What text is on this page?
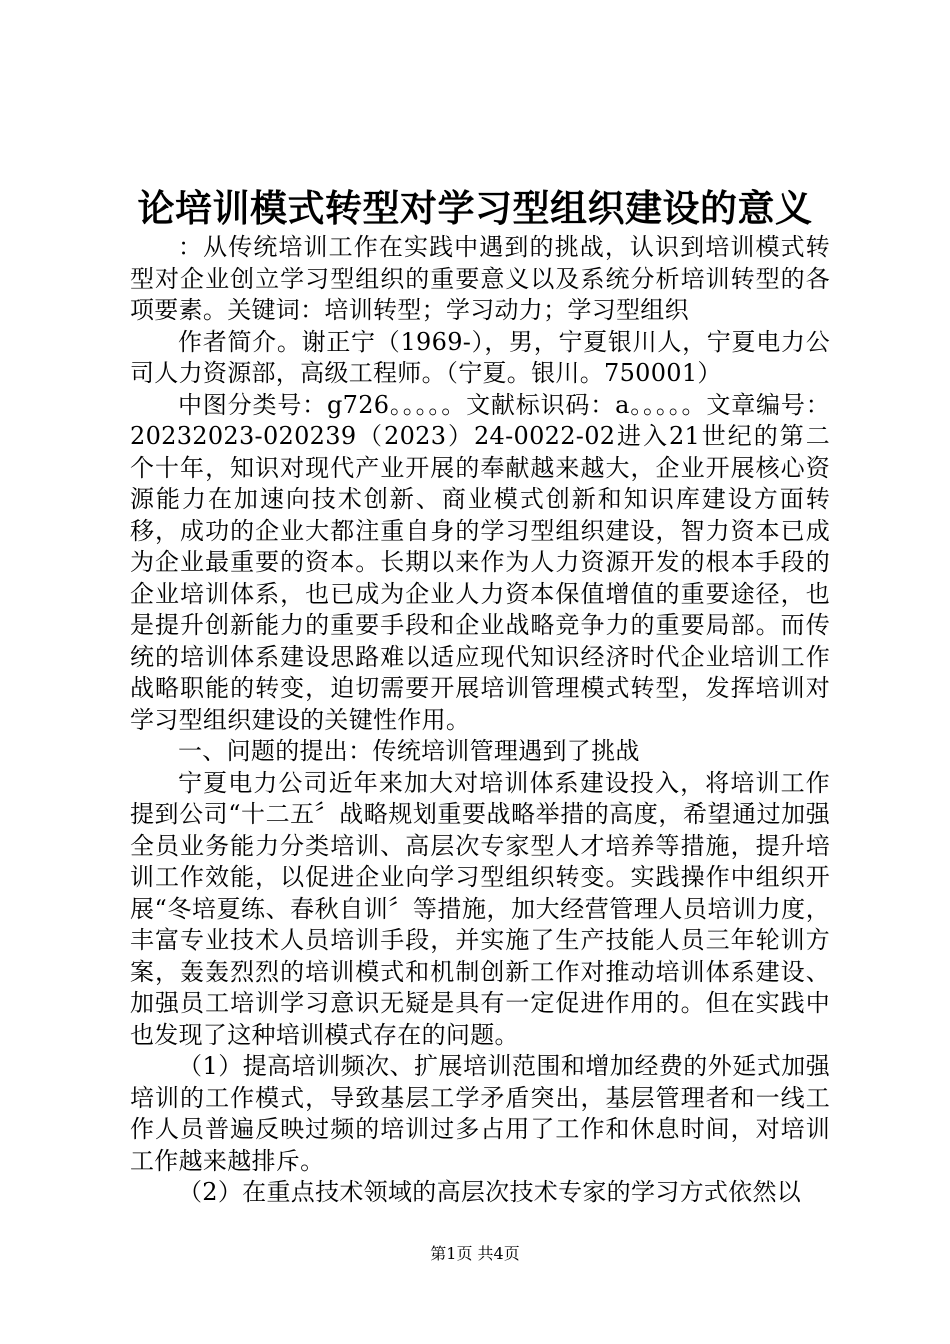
论培训模式转型对学习型组织建设的意义

：从传统培训工作在实践中遇到的挑战，认识到培训模式转型对企业创立学习型组织的重要意义以及系统分析培训转型的各项要素。关键词：培训转型；学习动力；学习型组织

作者简介。谢正宁（1969-），男，宁夏银川人，宁夏电力公司人力资源部，高级工程师。（宁夏。银川。750001）

中图分类号：g726。。。。。文献标识码：a。。。。。文章编号：20232023-020239（2023）24-0022-02进入21世纪的第二个十年，知识对现代产业开展的奉献越来越大，企业开展核心资源能力在加速向技术创新、商业模式创新和知识库建设方面转移，成功的企业大都注重自身的学习型组织建设，智力资本已成为企业最重要的资本。长期以来作为人力资源开发的根本手段的企业培训体系，也已成为企业人力资本保值增值的重要途径，也是提升创新能力的重要手段和企业战略竞争力的重要局部。而传统的培训体系建设思路难以适应现代知识经济时代企业培训工作战略职能的转变，迫切需要开展培训管理模式转型，发挥培训对学习型组织建设的关键性作用。

一、问题的提出：传统培训管理遇到了挑战

宁夏电力公司近年来加大对培训体系建设投入，将培训工作提到公司“十二五〞战略规划重要战略举措的高度，希望通过加强全员业务能力分类培训、高层次专家型人才培养等措施，提升培训工作效能，以促进企业向学习型组织转变。实践操作中组织开展“冬培夏练、春秋自训〞等措施，加大经营管理人员培训力度，丰富专业技术人员培训手段，并实施了生产技能人员三年轮训方案，轰轰烈烈的培训模式和机制创新工作对推动培训体系建设、加强员工培训学习意识无疑是具有一定促进作用的。但在实践中也发现了这种培训模式存在的问题。

（1）提高培训频次、扩展培训范围和增加经费的外延式加强培训的工作模式，导致基层工学矛盾突出，基层管理者和一线工作人员普遍反映过频的培训过多占用了工作和休息时间，对培训工作越来越排斥。

（2）在重点技术领域的高层次技术专家的学习方式依然以

第1页 共4页
